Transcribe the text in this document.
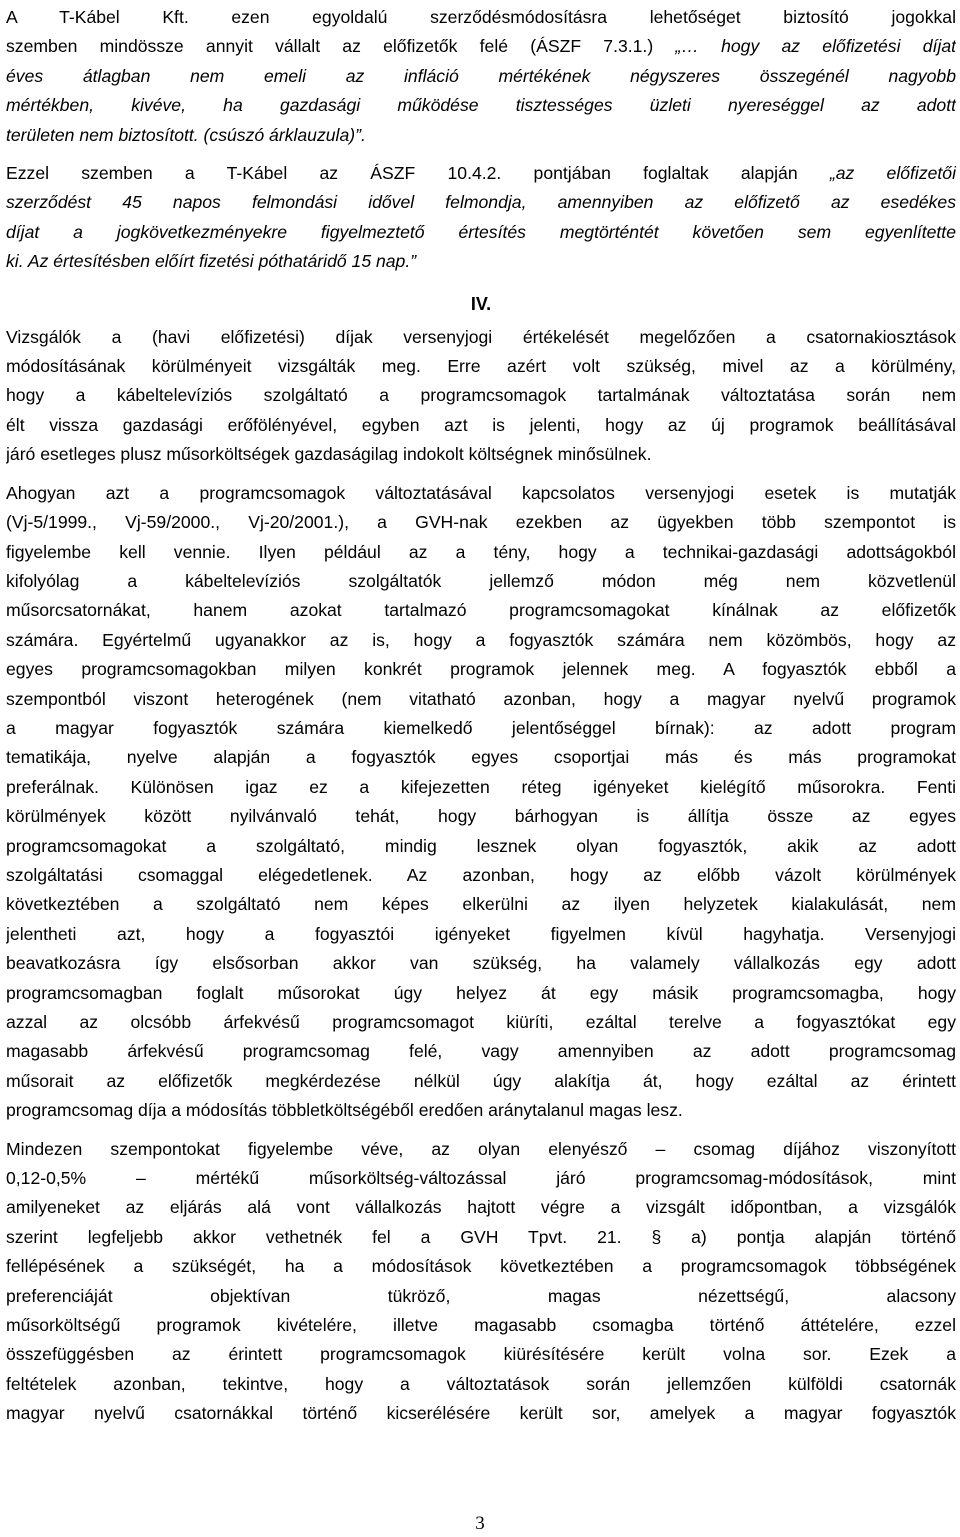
A T-Kábel Kft. ezen egyoldalú szerződésmódosításra lehetőséget biztosító jogokkal
szemben mindössze annyit vállalt az előfizetők felé (ÁSZF 7.3.1.) „… hogy az előfizetési díjat
éves átlagban nem emeli az infláció mértékének négyszeres összegénél nagyobb
mértékben, kivéve, ha gazdasági működése tisztességes üzleti nyereséggel az adott
területen nem biztosított. (csúszó árklauzula)”.

Ezzel szemben a T-Kábel az ÁSZF 10.4.2. pontjában foglaltak alapján „az előfizetői
szerződést 45 napos felmondási idővel felmondja, amennyiben az előfizető az esedékes
díjat a jogkövetkezményekre figyelmeztető értesítés megtörténtét követően sem egyenlítette
ki. Az értesítésben előírt fizetési póthatáridő 15 nap.”

IV.

Vizsgálók a (havi előfizetési) díjak versenyjogi értékelését megelőzően a csatornakiosztások
módosításának körülményeit vizsgálták meg. Erre azért volt szükség, mivel az a körülmény,
hogy a kábeltelevíziós szolgáltató a programcsomagok tartalmának változtatása során nem
élt vissza gazdasági erőfölényével, egyben azt is jelenti, hogy az új programok beállításával
járó esetleges plusz műsorköltségek gazdaságilag indokolt költségnek minősülnek.

Ahogyan azt a programcsomagok változtatásával kapcsolatos versenyjogi esetek is mutatják
(Vj-5/1999., Vj-59/2000., Vj-20/2001.), a GVH-nak ezekben az ügyekben több szempontot is
figyelembe kell vennie. Ilyen például az a tény, hogy a technikai-gazdasági adottságokból
kifolyólag a kábeltelevíziós szolgáltatók jellemző módon még nem közvetlenül
műsorcsatornákat, hanem azokat tartalmazó programcsomagokat kínálnak az előfizetők
számára. Egyértelmű ugyanakkor az is, hogy a fogyasztók számára nem közömbös, hogy az
egyes programcsomagokban milyen konkrét programok jelennek meg. A fogyasztók ebből a
szempontból viszont heterogének (nem vitatható azonban, hogy a magyar nyelvű programok
a magyar fogyasztók számára kiemelkedő jelentőséggel bírnak): az adott program
tematikája, nyelve alapján a fogyasztók egyes csoportjai más és más programokat
preferálnak. Különösen igaz ez a kifejezetten réteg igényeket kielégítő műsorokra. Fenti
körülmények között nyilvánvaló tehát, hogy bárhogyan is állítja össze az egyes
programcsomagokat a szolgáltató, mindig lesznek olyan fogyasztók, akik az adott
szolgáltatási csomaggal elégedetlenek. Az azonban, hogy az előbb vázolt körülmények
következtében a szolgáltató nem képes elkerülni az ilyen helyzetek kialakulását, nem
jelentheti azt, hogy a fogyasztói igényeket figyelmen kívül hagyhatja. Versenyjogi
beavatkozásra így elsősorban akkor van szükség, ha valamely vállalkozás egy adott
programcsomagban foglalt műsorokat úgy helyez át egy másik programcsomagba, hogy
azzal az olcsóbb árfekvésű programcsomagot kiüríti, ezáltal terelve a fogyasztókat egy
magasabb árfekvésű programcsomag felé, vagy amennyiben az adott programcsomag
műsorait az előfizetők megkérdezése nélkül úgy alakítja át, hogy ezáltal az érintett
programcsomag díja a módosítás többletköltségéből eredően aránytalanul magas lesz.

Mindezen szempontokat figyelembe véve, az olyan elenyésző – csomag díjához viszonyított
0,12-0,5% – mértékű műsorköltség-változással járó programcsomag-módosítások, mint
amilyeneket az eljárás alá vont vállalkozás hajtott végre a vizsgált időpontban, a vizsgálók
szerint legfeljebb akkor vethetnék fel a GVH Tpvt. 21. § a) pontja alapján történő
fellépésének a szükségét, ha a módosítások következtében a programcsomagok többségének
preferenciáját objektívan tükröző, magas nézettségű, alacsony
műsorköltségű programok kivételére, illetve magasabb csomagba történő áttételére, ezzel
összefüggésben az érintett programcsomagok kiürésítésére került volna sor. Ezek a
feltételek azonban, tekintve, hogy a változtatások során jellemzően külföldi csatornák
magyar nyelvű csatornákkal történő kicserélésére került sor, amelyek a magyar fogyasztók

3
